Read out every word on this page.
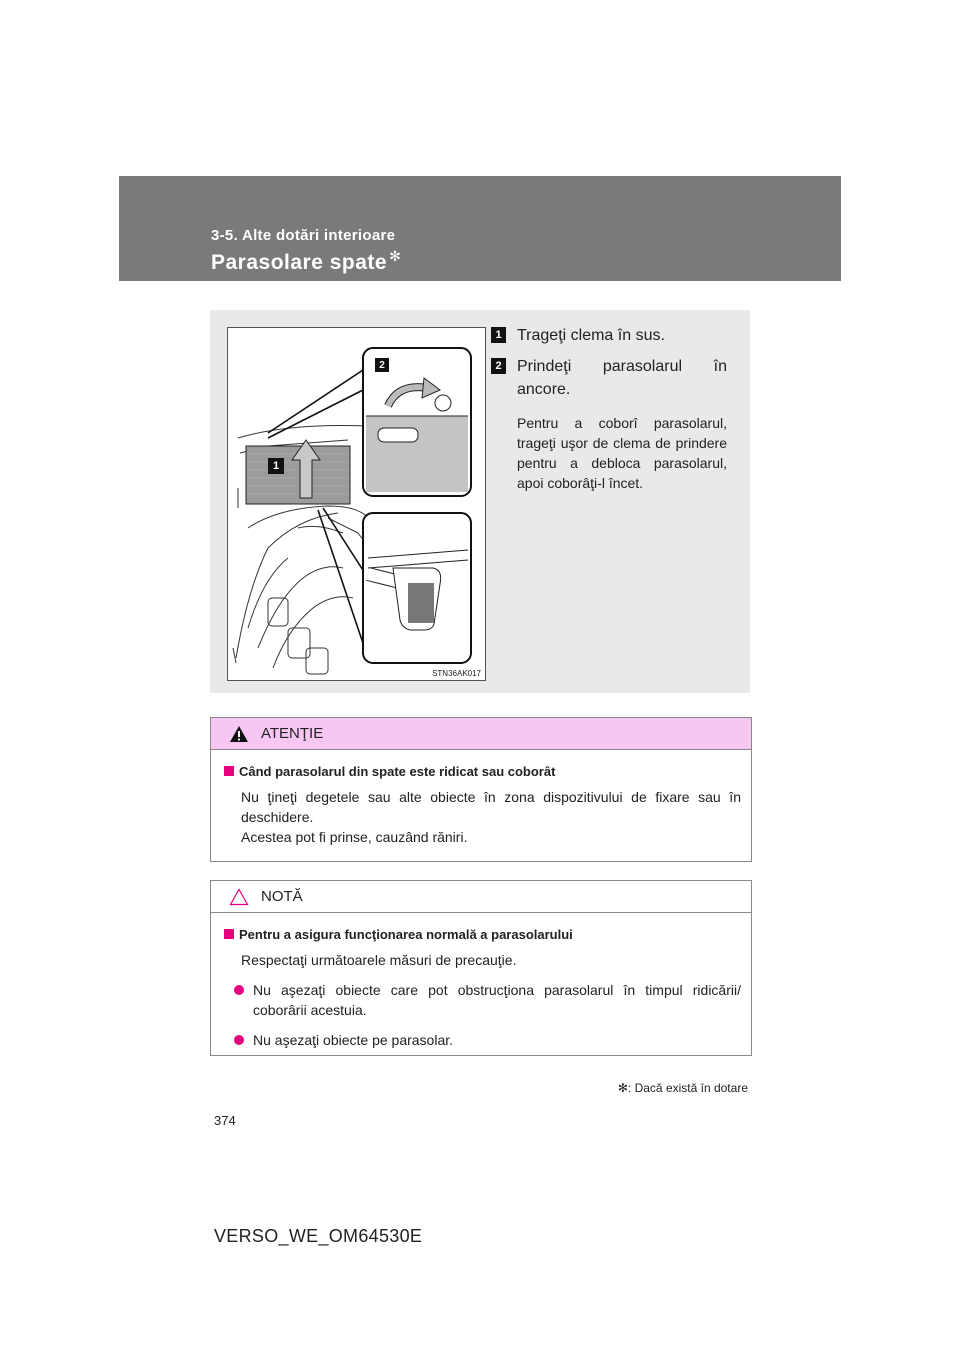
3-5. Alte dotări interioare
Parasolare spate ✻
2
1
STN36AK017
1 Trageţi clema în sus.
2 Prindeţi parasolarul în ancore.
Pentru a coborî parasolarul, trageţi uşor de clema de prindere pentru a debloca parasolarul, apoi coborâţi-l încet.
ATENŢIE
Când parasolarul din spate este ridicat sau coborât
Nu ţineţi degetele sau alte obiecte în zona dispozitivului de fixare sau în deschidere.
Acestea pot fi prinse, cauzând răniri.
NOTĂ
Pentru a asigura funcţionarea normală a parasolarului
Respectaţi următoarele măsuri de precauţie.
Nu aşezaţi obiecte care pot obstrucţiona parasolarul în timpul ridicării/ coborârii acestuia.
Nu aşezaţi obiecte pe parasolar.
✻: Dacă există în dotare
374
VERSO_WE_OM64530E
